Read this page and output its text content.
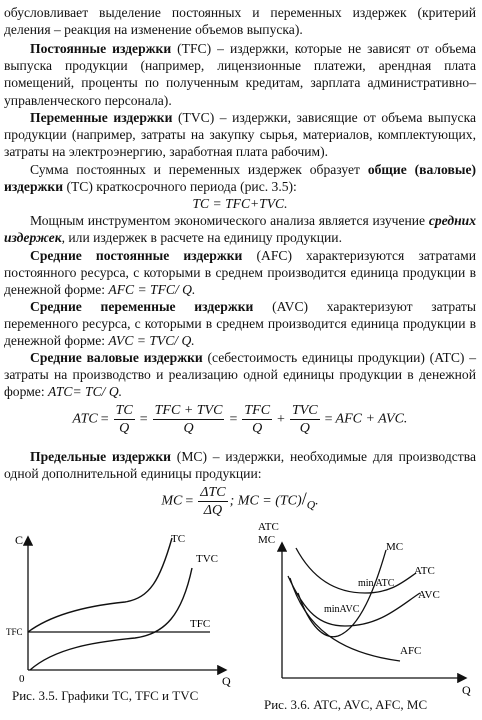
обусловливает выделение постоянных и переменных издержек (критерий деления – реакция на изменение объемов выпуска).

Постоянные издержки (TFC) – издержки, которые не зависят от объема выпуска продукции (например, лицензионные платежи, арендная плата помещений, проценты по полученным кредитам, зарплата административно–управленческого персонала).

Переменные издержки (TVC) – издержки, зависящие от объема выпуска продукции (например, затраты на закупку сырья, материалов, комплектующих, затраты на электроэнергию, заработная плата рабочим).

Сумма постоянных и переменных издержек образует общие (валовые) издержки (TC) краткосрочного периода (рис. 3.5):

TC = TFC+TVC.

Мощным инструментом экономического анализа является изучение средних издержек, или издержек в расчете на единицу продукции.

Средние постоянные издержки (AFC) характеризуются затратами постоянного ресурса, с которыми в среднем производится единица продукции в денежной форме: AFC = TFC/ Q.

Средние переменные издержки (AVC) характеризуют затраты переменного ресурса, с которыми в среднем производится единица продукции в денежной форме: AVC = TVC/ Q.

Средние валовые издержки (себестоимость единицы продукции) (ATC) – затраты на производство и реализацию одной единицы продукции в денежной форме: ATC= TC/ Q.

ATC = $\frac{TC}{Q} = \frac{\text{TFC + TVC}}{Q} = \frac{\text{TFC}}{Q} + \frac{\text{TVC}}{Q}$ = AFC + AVC.

Предельные издержки (MC) – издержки, необходимые для производства одной дополнительной единицы продукции:

MC = $\frac{\text{ΔTC}}{\Delta Q}$ ; MC = $(TC)/_Q$.
C
Q
0
TFC
TFC
TC
TVC
Рис. 3.5. Графики TC, TFC и TVC
ATC
MC
Q
AFC
AVC
ATC
MC
min ATC
minAVC
Рис. 3.6. ATC, AVC, AFC, MC
